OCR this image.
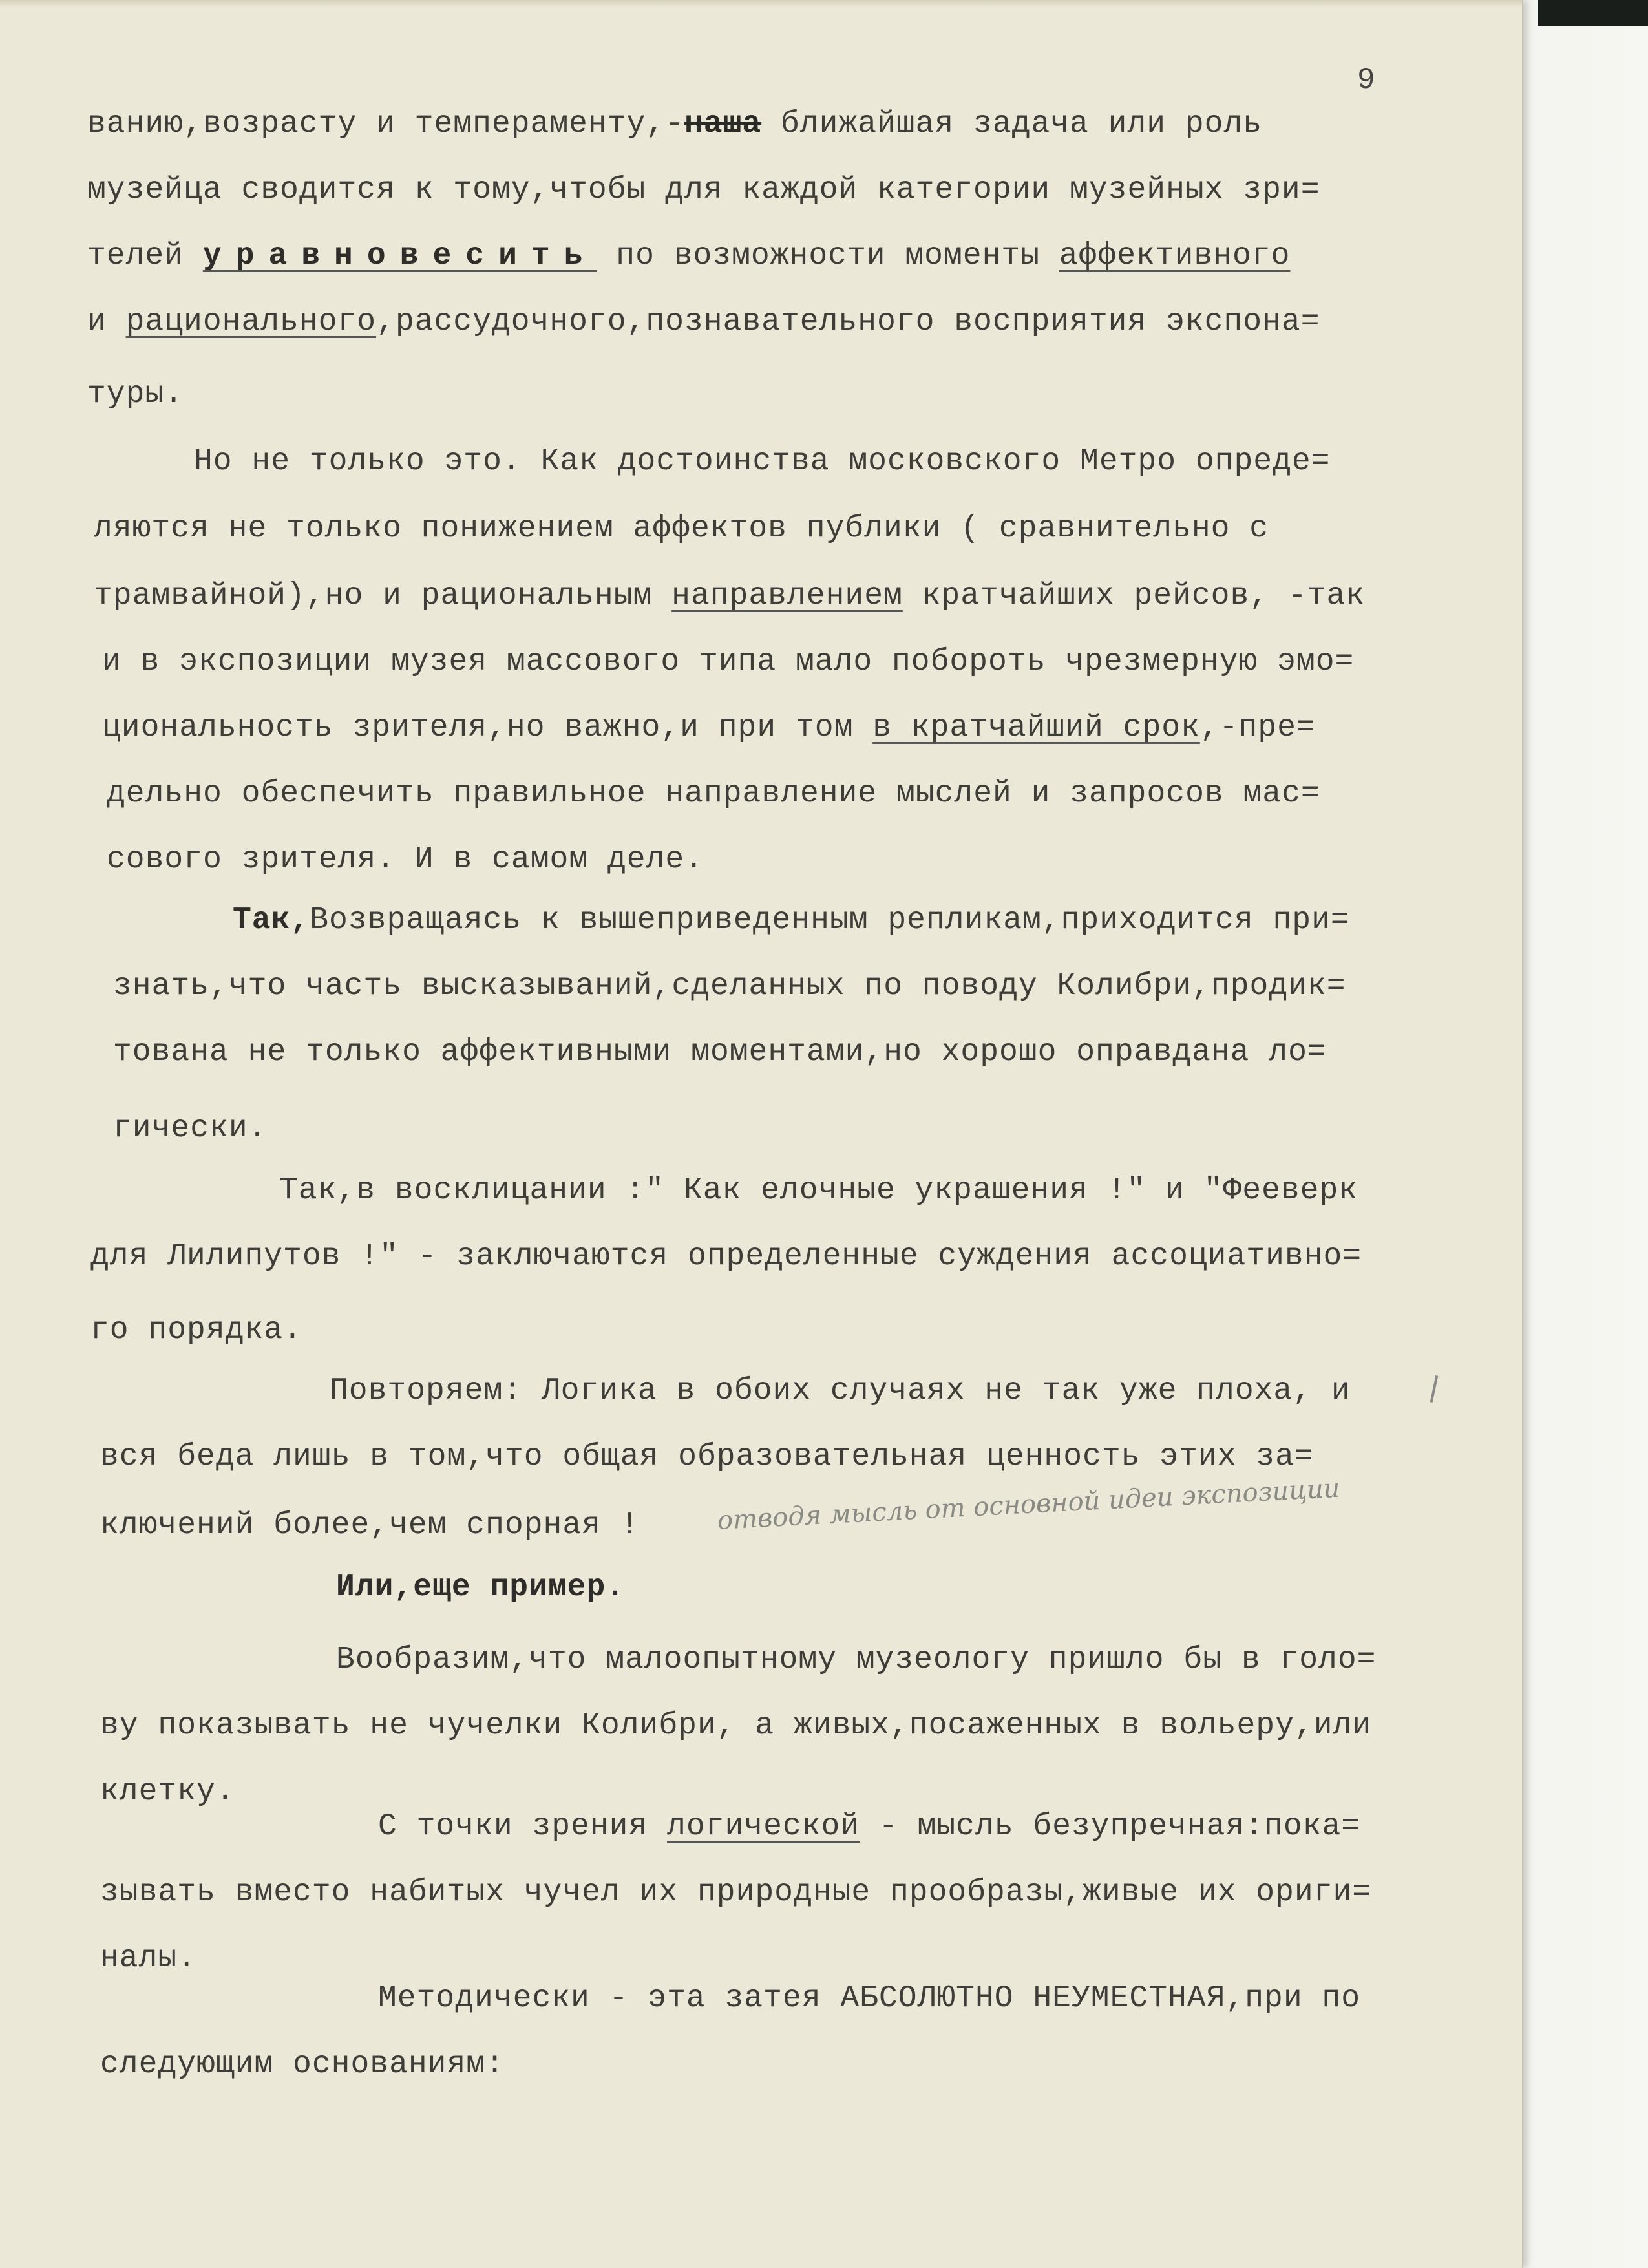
9
ванию,возрасту и темпераменту,-наша ближайшая задача или роль
музейца сводится к тому,чтобы для каждой категории музейных зри=
телей уравновесить по возможности моменты аффективного
и рационального,рассудочного,познавательного восприятия экспона=
туры.
Но не только это. Как достоинства московского Метро опреде=
ляются не только понижением аффектов публики ( сравнительно с
трамвайной),но и рациональным направлением кратчайших рейсов, -так
и в экспозиции музея массового типа мало побороть чрезмерную эмо=
циональность зрителя,но важно,и при том в кратчайший срок,-пре=
дельно обеспечить правильное направление мыслей и запросов мас=
сового зрителя. И в самом деле.
Так,Возвращаясь к вышеприведенным репликам,приходится при=
знать,что часть высказываний,сделанных по поводу Колибри,продик=
тована не только аффективными моментами,но хорошо оправдана ло=
гически.
Так,в восклицании :" Как елочные украшения !" и "Фееверк
для Лилипутов !" - заключаются определенные суждения ассоциативно=
го порядка.
Повторяем: Логика в обоих случаях не так уже плоха, и
вся беда лишь в том,что общая образовательная ценность этих за=
ключений более,чем спорная !	отводя мысль от основной идеи экспозиции
Или,еще пример.
Вообразим,что малоопытному музеологу пришло бы в голо=
ву показывать не чучелки Колибри, а живых,посаженных в вольеру,или
клетку.
С точки зрения логической - мысль безупречная:пока=
зывать вместо набитых чучел их природные прообразы,живые их ориги=
налы.
Методически - эта затея АБСОЛЮТНО НЕУМЕСТНАЯ,при по
следующим основаниям:
